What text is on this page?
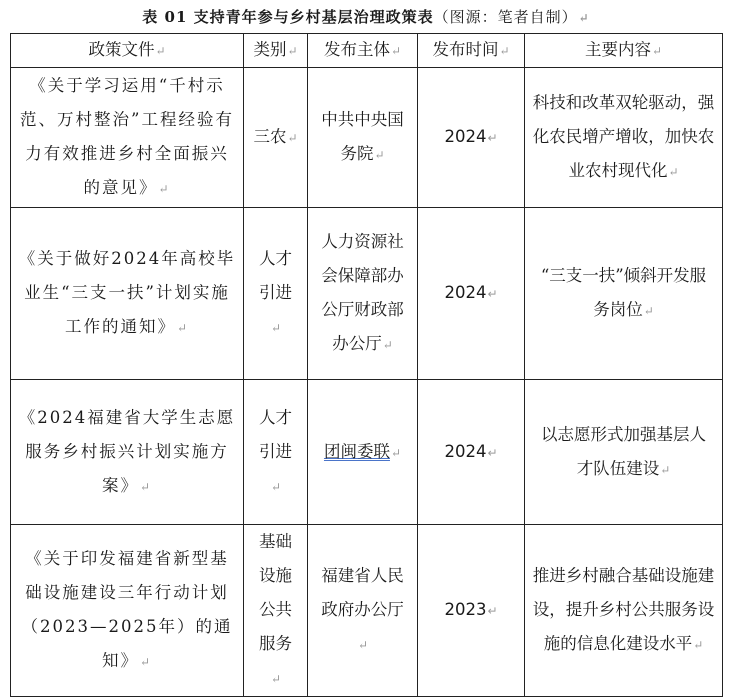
表 01 支持青年参与乡村基层治理政策表（图源：笔者自制）↵
政策文件↵	类别↵	发布主体↵	发布时间↵	主要内容↵
《关于学习运用“千村示范、万村整治”工程经验有力有效推进乡村全面振兴的意见》↵	三农↵	中共中央国务院↵	2024↵	科技和改革双轮驱动，强化农民增产增收，加快农业农村现代化↵
《关于做好2024年高校毕业生“三支一扶”计划实施工作的通知》↵	人才引进↵	人力资源社会保障部办公厅财政部办公厅↵	2024↵	“三支一扶”倾斜开发服务岗位↵
《2024福建省大学生志愿服务乡村振兴计划实施方案》↵	人才引进↵	团闽委联↵	2024↵	以志愿形式加强基层人才队伍建设↵
《关于印发福建省新型基础设施建设三年行动计划（2023—2025年）的通知》↵	基础设施公共服务↵	福建省人民政府办公厅↵	2023↵	推进乡村融合基础设施建设，提升乡村公共服务设施的信息化建设水平↵
